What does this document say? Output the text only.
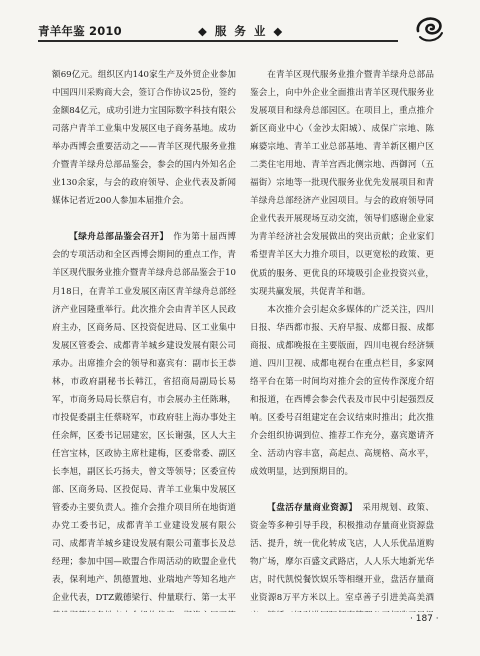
青羊年鉴 2010	◆ 服 务 业 ◆

额69亿元。组织区内140家生产及外贸企业参加中国四川采购商大会，签订合作协议25份，签约金额84亿元，成功引进力宝国际数字科技有限公司落户青羊工业集中发展区电子商务基地。成功举办西博会重要活动之——青羊区现代服务业推介暨青羊绿舟总部品鉴会，参会的国内外知名企业130余家，与会的政府领导、企业代表及新闻媒体记者近200人参加本届推介会。

【绿舟总部品鉴会召开】　 作为第十届西博会的专项活动和全区西博会期间的重点工作，青羊区现代服务业推介暨青羊绿舟总部品鉴会于10月18日，在青羊工业发展区南区青羊绿舟总部经济产业园隆重举行。此次推介会由青羊区人民政府主办，区商务局、区投资促进局、区工业集中发展区管委会、成都青羊城乡建设发展有限公司承办。出席推介会的领导和嘉宾有：副市长王恭林，市政府副秘书长韩江，省招商局副局长易军，市商务局局长蔡启有，市会展办主任陈琳，市投促委副主任蔡晓军，市政府驻上海办事处主任余辉，区委书记屈建宏，区长谢强，区人大主任宫宝林，区政协主席杜建梅，区委常委、副区长李旭，副区长巧扬夫，曾文等领导；区委宣传部、区商务局、区投促局、青羊工业集中发展区管委办主要负责人。推介会推介项目所在地街道办党工委书记，成都青羊工业建设发展有限公司、成都青羊城乡建设发展有限公司董事长及总经理；参加中国—欧盟合作周活动的欧盟企业代表，保利地产、凯德置地、业瑞地产等知名地产企业代表，DTZ戴德梁行、仲量联行、第一太平

在青羊区现代服务业推介暨青羊绿舟总部品鉴会上，向中外企业全面推出青羊区现代服务业发展项目和绿舟总部园区。在项目上，重点推介新区商业中心（金沙太阳城）、成保广宗地、陈麻婆宗地、青羊工业总部基地、青羊新区棚户区二类住宅用地、青羊宫西北侧宗地、西御河（五福街）宗地等一批现代服务业优先发展项目和青羊绿舟总部经济产业园项目。与会的政府领导同企业代表开展现场互动交流，领导们感谢企业家为青羊经济社会发展做出的突出贡献；企业家们希望青羊区大力推介项目，以更宽松的政策、更优质的服务、更优良的环境吸引企业投资兴业，实现共赢发展，共促青羊和谐。

本次推介会引起众多媒体的广泛关注，四川日报、华西都市报、天府早报、成都日报、成都商报、成都晚报在主要版面，四川电视台经济频道、四川卫视、成都电视台在重点栏目，多家网络平台在第一时间均对推介会的宣传作深度介绍和报道，在西博会参会代表及市民中引起强烈反响。区委号召组建定在会议结束时推出；此次推介会组织协调到位、推荐工作充分，嘉宾邀请齐全、活动内容丰富，高起点、高规格、高水平，成效明显，达到预期目的。

【盘活存量商业资源】　 采用规划、政策、资金等多种引导手段，积极推动存量商业资源盘活、提升，统一优化转成飞店，人人乐优品道购物广场，摩尔百盛文武路店，人人乐大地新光华店，时代凯悦餐饮娱乐等相继开业，盘活存量商业资源8万平方米以上。室卓善子引进美高美酒

· 187 ·
